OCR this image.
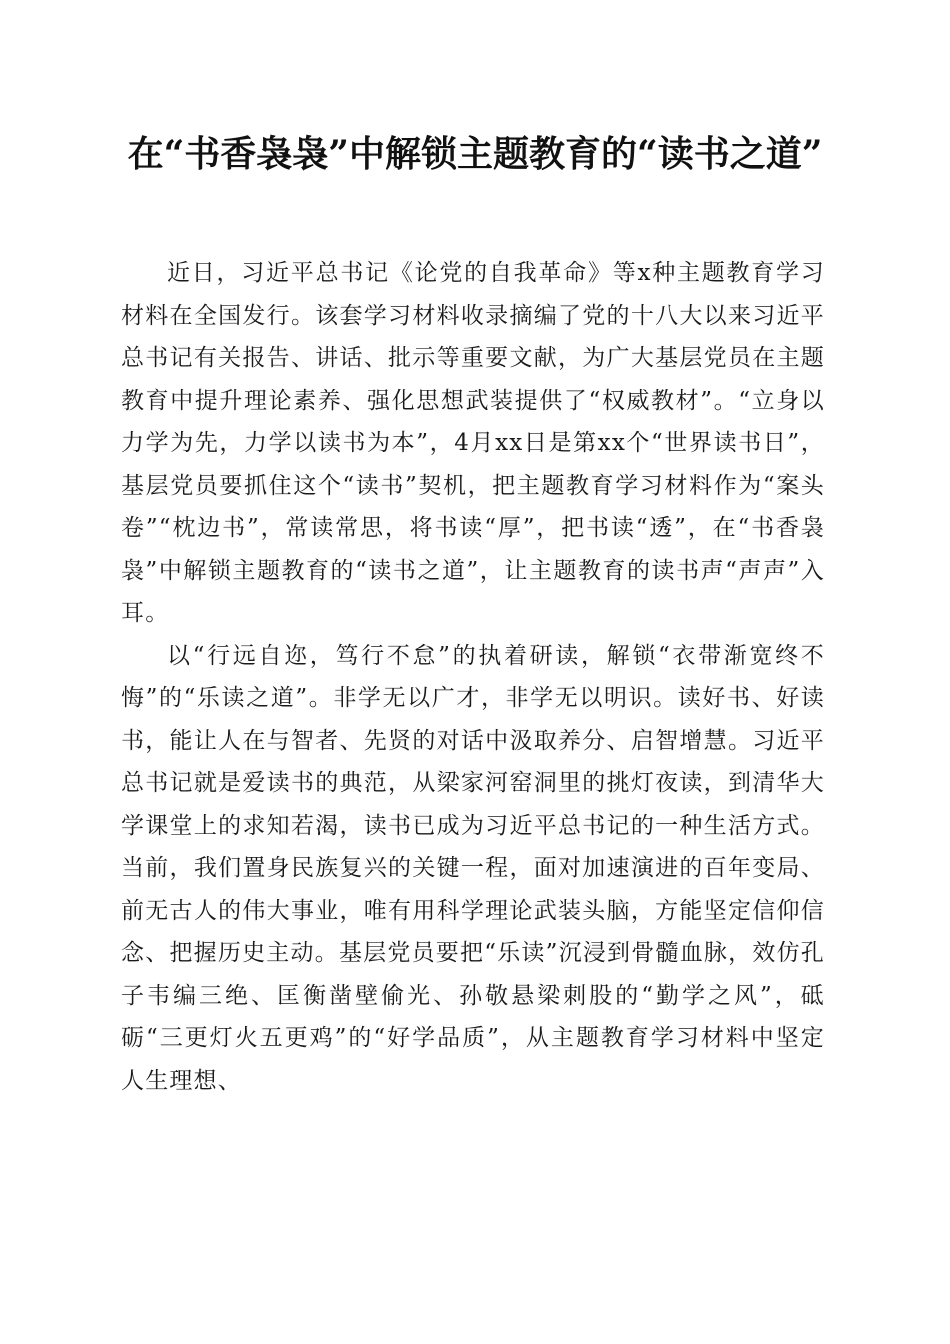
在“书香袅袅”中解锁主题教育的“读书之道”

近日，习近平总书记《论党的自我革命》等x种主题教育学习材料在全国发行。该套学习材料收录摘编了党的十八大以来习近平总书记有关报告、讲话、批示等重要文献，为广大基层党员在主题教育中提升理论素养、强化思想武装提供了“权威教材”。“立身以力学为先，力学以读书为本”，4月xx日是第xx个“世界读书日”，基层党员要抓住这个“读书”契机，把主题教育学习材料作为“案头卷”“枕边书”，常读常思，将书读“厚”，把书读“透”，在“书香袅袅”中解锁主题教育的“读书之道”，让主题教育的读书声“声声”入耳。

以“行远自迩，笃行不怠”的执着研读，解锁“衣带渐宽终不悔”的“乐读之道”。非学无以广才，非学无以明识。读好书、好读书，能让人在与智者、先贤的对话中汲取养分、启智增慧。习近平总书记就是爱读书的典范，从梁家河窑洞里的挑灯夜读，到清华大学课堂上的求知若渴，读书已成为习近平总书记的一种生活方式。当前，我们置身民族复兴的关键一程，面对加速演进的百年变局、前无古人的伟大事业，唯有用科学理论武装头脑，方能坚定信仰信念、把握历史主动。基层党员要把“乐读”沉浸到骨髓血脉，效仿孔子韦编三绝、匡衡凿壁偷光、孙敬悬梁刺股的“勤学之风”，砥砺“三更灯火五更鸡”的“好学品质”，从主题教育学习材料中坚定人生理想、
